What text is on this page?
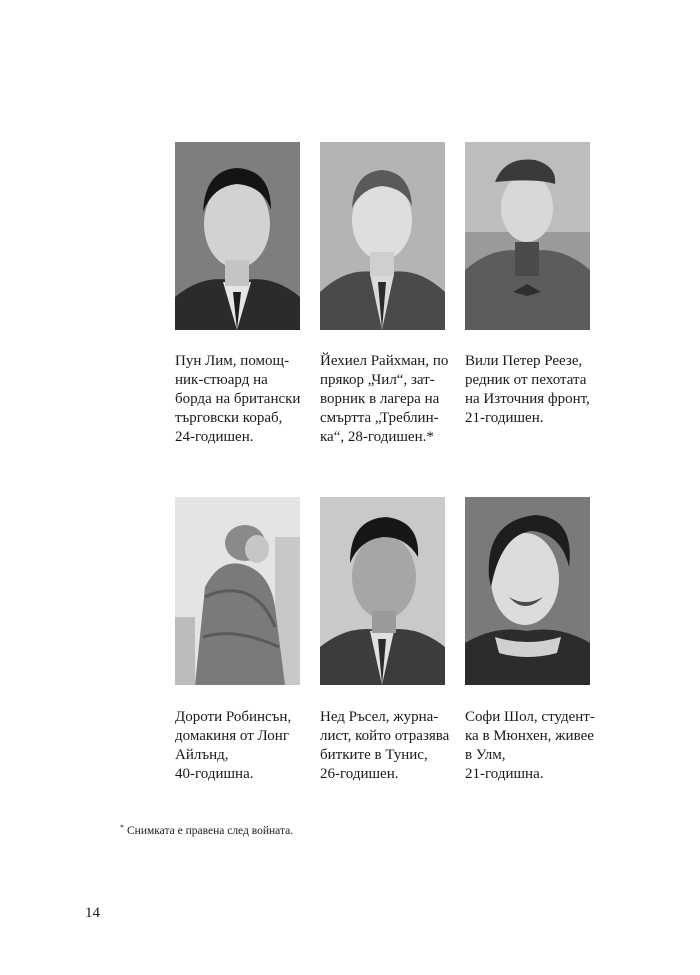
Пун Лим, помощ-
ник-стюард на
борда на британски
търговски кораб,
24-годишен.

Йехиел Райхман, по
прякор „Чил“, зат-
ворник в лагера на
смъртта „Треблин-
ка“, 28-годишен.*

Вили Петер Реезе,
редник от пехотата
на Източния фронт,
21-годишен.

Дороти Робинсън,
домакиня от Лонг
Айлънд,
40-годишна.

Нед Ръсел, журна-
лист, който отразява
битките в Тунис,
26-годишен.

Софи Шол, студент-
ка в Мюнхен, живее
в Улм,
21-годишна.

* Снимката е правена след войната.
14
